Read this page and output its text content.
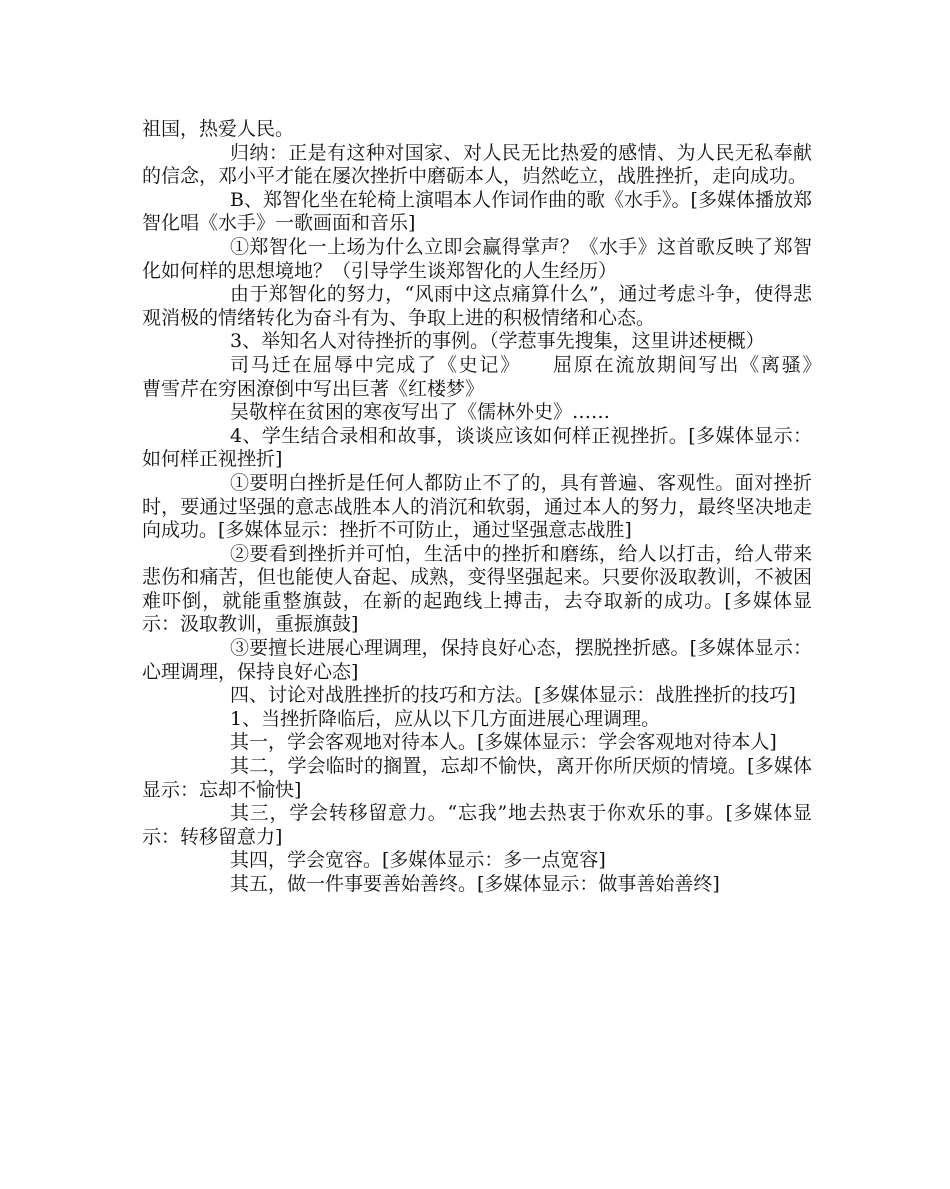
祖国，热爱人民。

归纳：正是有这种对国家、对人民无比热爱的感情、为人民无私奉献的信念，邓小平才能在屡次挫折中磨砺本人，岿然屹立，战胜挫折，走向成功。

B、郑智化坐在轮椅上演唱本人作词作曲的歌《水手》。[多媒体播放郑智化唱《水手》一歌画面和音乐]

①郑智化一上场为什么立即会赢得掌声？《水手》这首歌反映了郑智化如何样的思想境地？（引导学生谈郑智化的人生经历）

由于郑智化的努力，“风雨中这点痛算什么”，通过考虑斗争，使得悲观消极的情绪转化为奋斗有为、争取上进的积极情绪和心态。

3、举知名人对待挫折的事例。（学惹事先搜集，这里讲述梗概）

司马迁在屈辱中完成了《史记》　　屈原在流放期间写出《离骚》　　曹雪芹在穷困潦倒中写出巨著《红楼梦》

吴敬梓在贫困的寒夜写出了《儒林外史》……

4、学生结合录相和故事，谈谈应该如何样正视挫折。[多媒体显示：如何样正视挫折]

①要明白挫折是任何人都防止不了的，具有普遍、客观性。面对挫折时，要通过坚强的意志战胜本人的消沉和软弱，通过本人的努力，最终坚决地走向成功。[多媒体显示：挫折不可防止，通过坚强意志战胜]

②要看到挫折并可怕，生活中的挫折和磨练，给人以打击，给人带来悲伤和痛苦，但也能使人奋起、成熟，变得坚强起来。只要你汲取教训，不被困难吓倒，就能重整旗鼓，在新的起跑线上搏击，去夺取新的成功。[多媒体显示：汲取教训，重振旗鼓]

③要擅长进展心理调理，保持良好心态，摆脱挫折感。[多媒体显示：心理调理，保持良好心态]

四、讨论对战胜挫折的技巧和方法。[多媒体显示：战胜挫折的技巧]

1、当挫折降临后，应从以下几方面进展心理调理。

其一，学会客观地对待本人。[多媒体显示：学会客观地对待本人]

其二，学会临时的搁置，忘却不愉快，离开你所厌烦的情境。[多媒体显示：忘却不愉快]

其三，学会转移留意力。“忘我”地去热衷于你欢乐的事。[多媒体显示：转移留意力]

其四，学会宽容。[多媒体显示：多一点宽容]

其五，做一件事要善始善终。[多媒体显示：做事善始善终]
